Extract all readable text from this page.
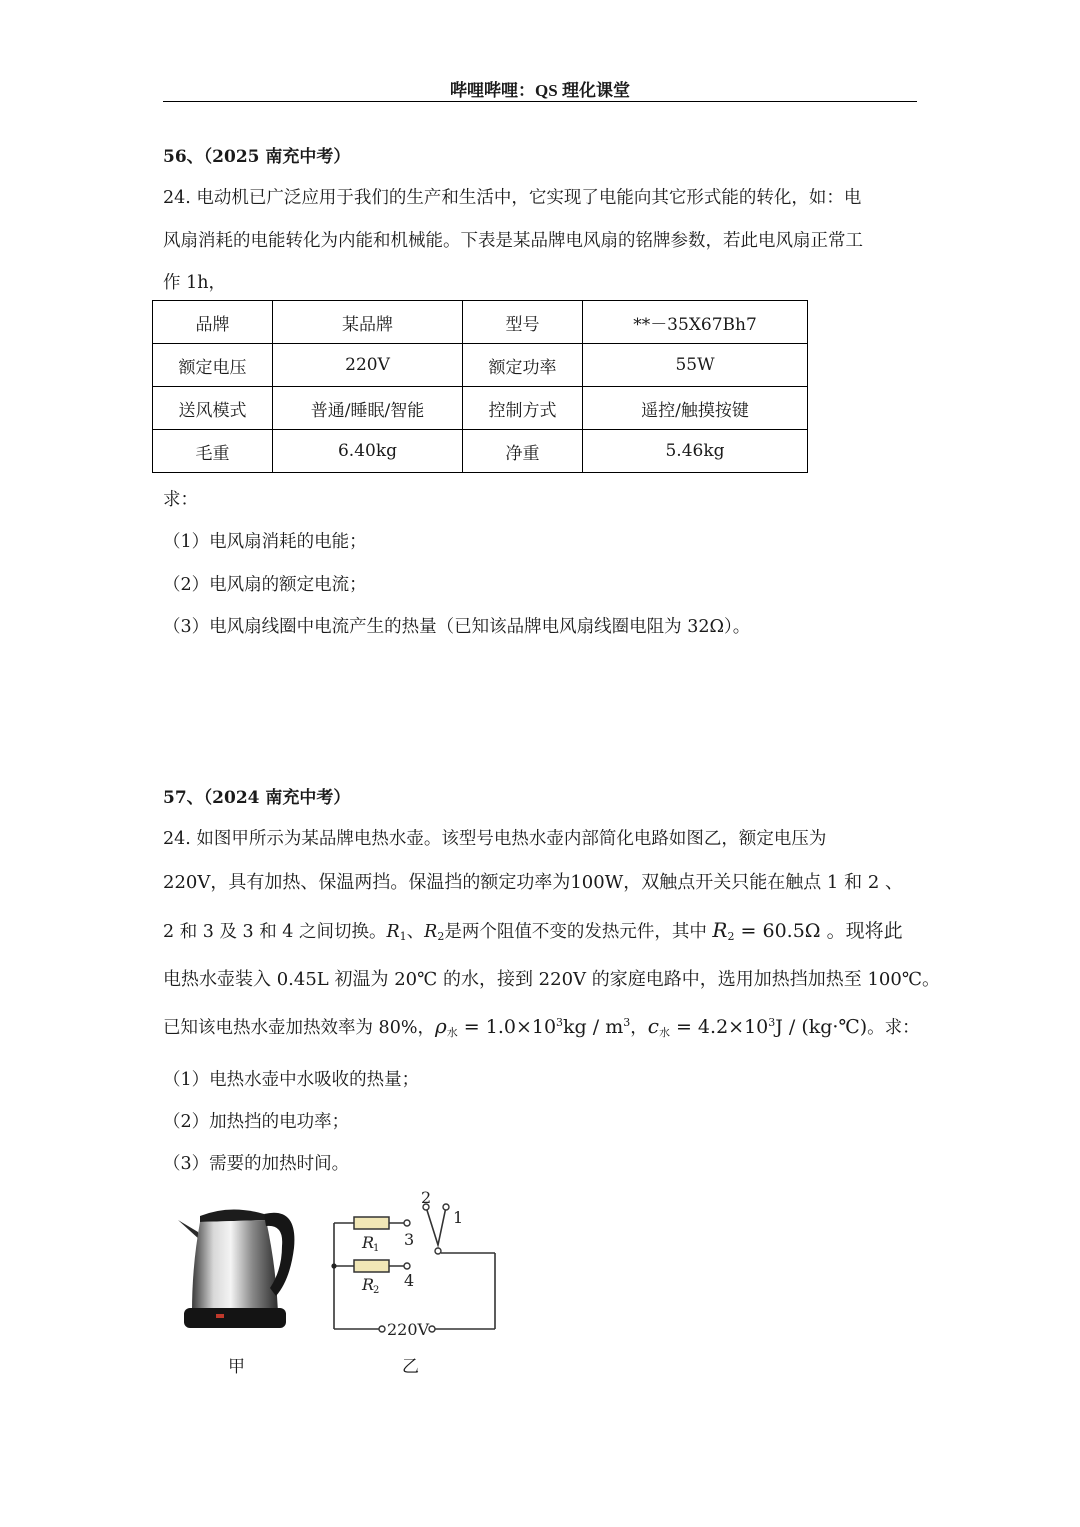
哔哩哔哩：QS 理化课堂
56、（2025 南充中考）
24. 电动机已广泛应用于我们的生产和生活中，它实现了电能向其它形式能的转化，如：电
风扇消耗的电能转化为内能和机械能。下表是某品牌电风扇的铭牌参数，若此电风扇正常工
作 1h，
品牌	某品牌	型号	**－35X67Bh7
额定电压	220V	额定功率	55W
送风模式	普通/睡眠/智能	控制方式	遥控/触摸按键
毛重	6.40kg	净重	5.46kg
求：
（1）电风扇消耗的电能；
（2）电风扇的额定电流；
（3）电风扇线圈中电流产生的热量（已知该品牌电风扇线圈电阻为 32Ω）。
57、（2024 南充中考）
24. 如图甲所示为某品牌电热水壶。该型号电热水壶内部简化电路如图乙，额定电压为
220V，具有加热、保温两挡。保温挡的额定功率为100W，双触点开关只能在触点 1 和 2 、
2 和 3 及 3 和 4 之间切换。$R_1$、$R_2$是两个阻值不变的发热元件，其中 $R_2 = 60.5\Omega$ 。现将此
电热水壶装入 0.45L 初温为 20℃ 的水，接到 220V 的家庭电路中，选用加热挡加热至 100℃。
已知该电热水壶加热效率为 80%，$\rho_水 = 1.0\times 10^3kg / m^3$，$c_水 = 4.2\times 10^3J$ / (kg·℃)。求：
（1）电热水壶中水吸收的热量；
（2）加热挡的电功率；
（3）需要的加热时间。
甲
2
1
3
4
R
1
R
2
220V
乙
